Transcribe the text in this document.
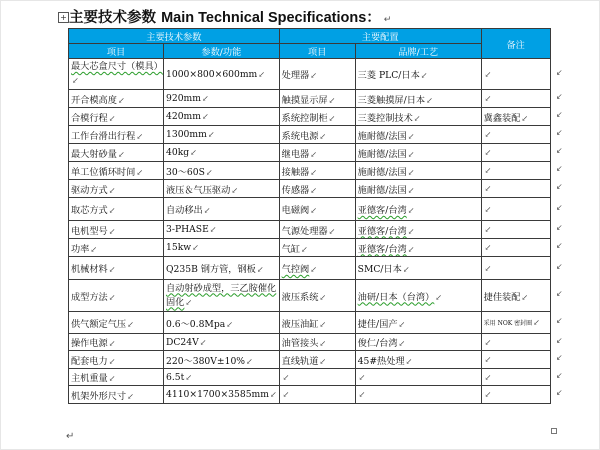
+ 主要技术参数 Main Technical Specifications： ↵
主要技术参数		主要配置		备注
项目	参数/功能	项目	品牌/工艺	
最大芯盒尺寸（模具）↙	1000×800×600mm↙	处理器↙	三菱 PLC/日本↙	↙
开合模高度↙	920mm↙	触摸显示屏↙	三菱触摸屏/日本↙	↙
合模行程↙	420mm↙	系统控制柜↙	三菱控制技术↙	冀鑫装配↙
工作台滑出行程↙	1300mm↙	系统电源↙	施耐德/法国↙	↙
最大射砂量↙	40kg↙	继电器↙	施耐德/法国↙	↙
单工位循环时间↙	30～60S↙	接触器↙	施耐德/法国↙	↙
驱动方式↙	液压＆气压驱动↙	传感器↙	施耐德/法国↙	↙
取芯方式↙	自动移出↙	电磁阀↙	亚德客/台湾↙	↙
电机型号↙	3-PHASE↙	气源处理器↙	亚德客/台湾↙	↙
功率↙	15kw↙	气缸↙	亚德客/台湾↙	↙
机械材料↙	Q235B 钢方管，钢板↙	气控阀↙	SMC/日本↙	↙
成型方法↙	自动射砂成型，三乙胺催化固化↙	液压系统↙	油研/日本（台湾）↙	捷佳装配↙
供气额定气压↙	0.6～0.8Mpa↙	液压油缸↙	捷佳/国产↙	采用 NOK 密封圈↙
操作电源↙	DC24V↙	油管接头↙	俊仁/台湾↙	↙
配套电力↙	220～380V±10%↙	直线轨道↙	45#热处理↙	↙
主机重量↙	6.5t↙	↙	↙	↙
机架外形尺寸↙	4110×1700×3585mm↙	↙	↙	↙
↵
↙
↙
↙
↙
↙
↙
↙
↙
↙
↙
↙
↙
↙
↙
↙
↙
↙
